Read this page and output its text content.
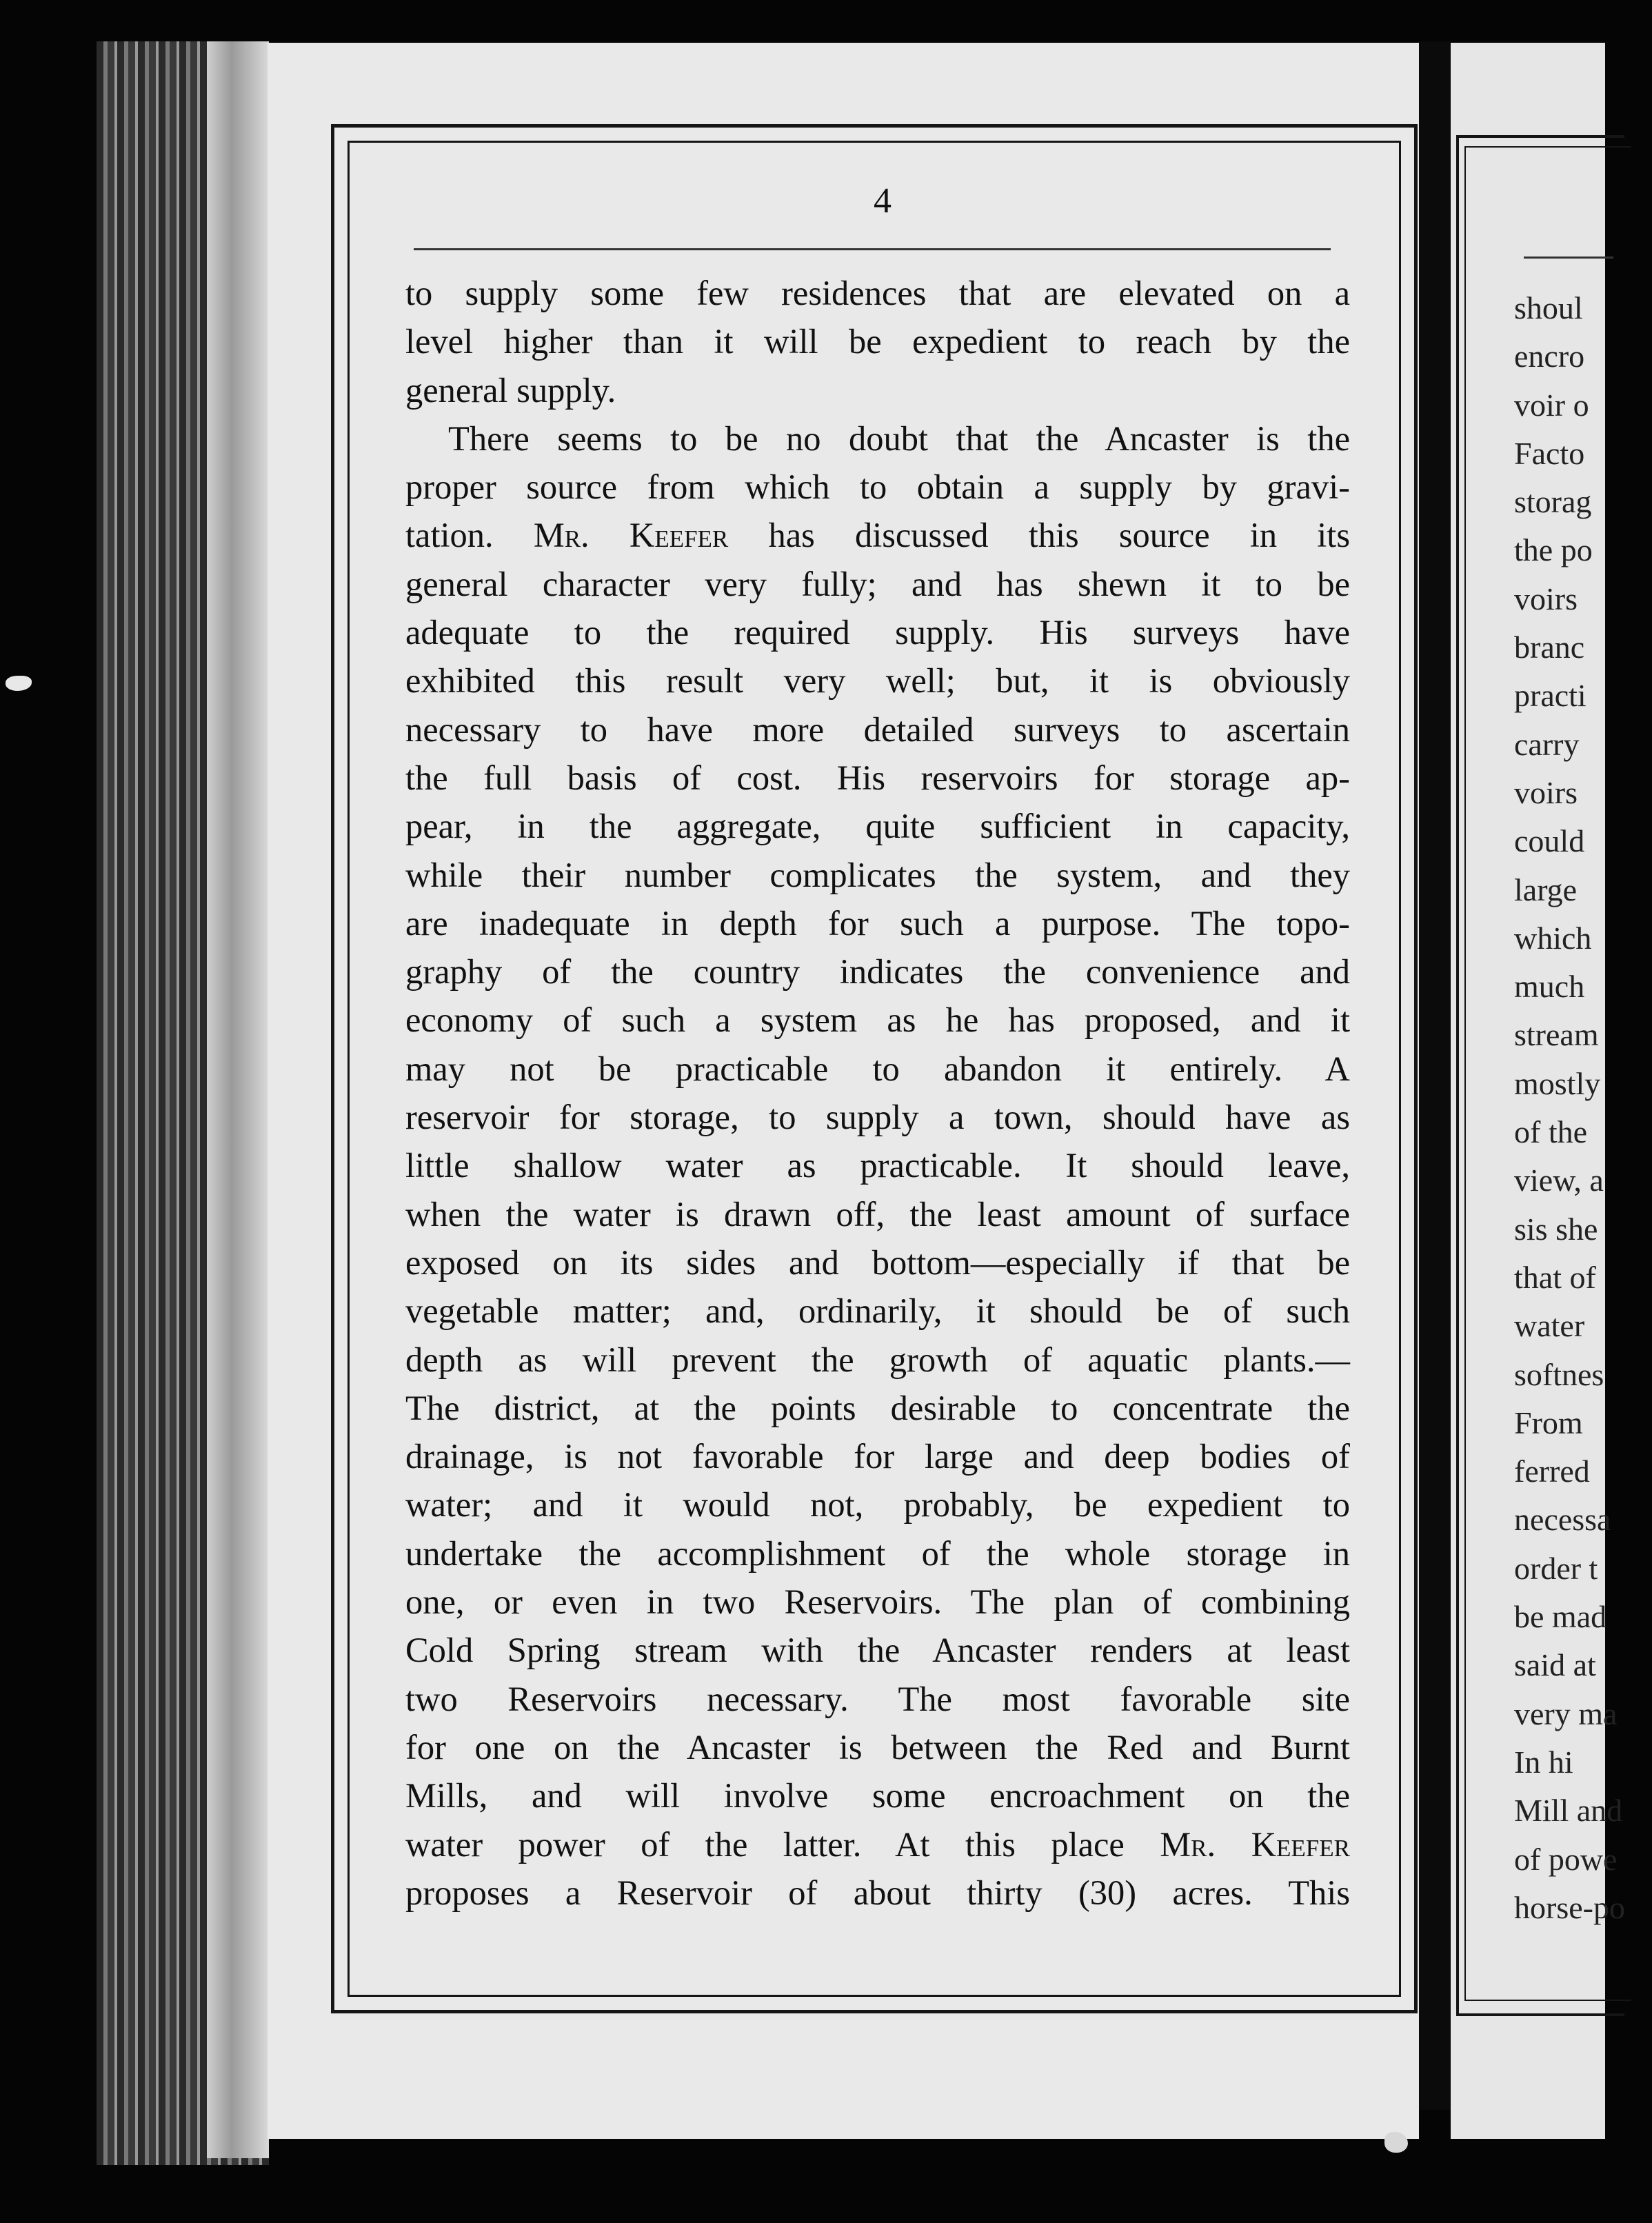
4
to supply some few residences that are elevated on a
level higher than it will be expedient to reach by the
general supply.
There seems to be no doubt that the Ancaster is the
proper source from which to obtain a supply by gravi-
tation. Mr. Keefer has discussed this source in its
general character very fully; and has shewn it to be
adequate to the required supply. His surveys have
exhibited this result very well; but, it is obviously
necessary to have more detailed surveys to ascertain
the full basis of cost. His reservoirs for storage ap-
pear, in the aggregate, quite sufficient in capacity,
while their number complicates the system, and they
are inadequate in depth for such a purpose. The topo-
graphy of the country indicates the convenience and
economy of such a system as he has proposed, and it
may not be practicable to abandon it entirely. A
reservoir for storage, to supply a town, should have as
little shallow water as practicable. It should leave,
when the water is drawn off, the least amount of surface
exposed on its sides and bottom—especially if that be
vegetable matter; and, ordinarily, it should be of such
depth as will prevent the growth of aquatic plants.—
The district, at the points desirable to concentrate the
drainage, is not favorable for large and deep bodies of
water; and it would not, probably, be expedient to
undertake the accomplishment of the whole storage in
one, or even in two Reservoirs. The plan of combining
Cold Spring stream with the Ancaster renders at least
two Reservoirs necessary. The most favorable site
for one on the Ancaster is between the Red and Burnt
Mills, and will involve some encroachment on the
water power of the latter. At this place Mr. Keefer
proposes a Reservoir of about thirty (30) acres. This
shoul
encro
voir o
Facto
storag
the po
voirs
branc
practi
carry
voirs
could
large
which
much
stream
mostly
of the
view, a
sis she
that of
water
softnes
From
ferred
necessa
order t
be mad
said at
very ma
In hi
Mill and
of powe
horse-po
